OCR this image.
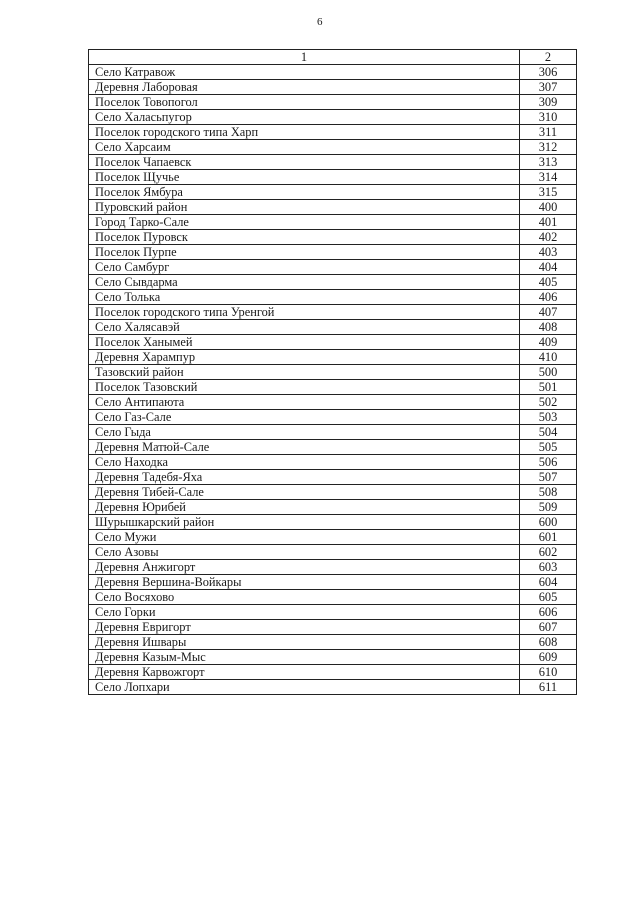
6
1	2
Село Катравож	306
Деревня Лаборовая	307
Поселок Товопогол	309
Село Халасьпугор	310
Поселок городского типа Харп	311
Село Харсаим	312
Поселок Чапаевск	313
Поселок Щучье	314
Поселок Ямбура	315
Пуровский район	400
Город Тарко-Сале	401
Поселок Пуровск	402
Поселок Пурпе	403
Село Самбург	404
Село Сывдарма	405
Село Толька	406
Поселок городского типа Уренгой	407
Село Халясавэй	408
Поселок Ханымей	409
Деревня Харампур	410
Тазовский район	500
Поселок Тазовский	501
Село Антипаюта	502
Село Газ-Сале	503
Село Гыда	504
Деревня Матюй-Сале	505
Село Находка	506
Деревня Тадебя-Яха	507
Деревня Тибей-Сале	508
Деревня Юрибей	509
Шурышкарский район	600
Село Мужи	601
Село Азовы	602
Деревня Анжигорт	603
Деревня Вершина-Войкары	604
Село Восяхово	605
Село Горки	606
Деревня Евригорт	607
Деревня Ишвары	608
Деревня Казым-Мыс	609
Деревня Карвожгорт	610
Село Лопхари	611
